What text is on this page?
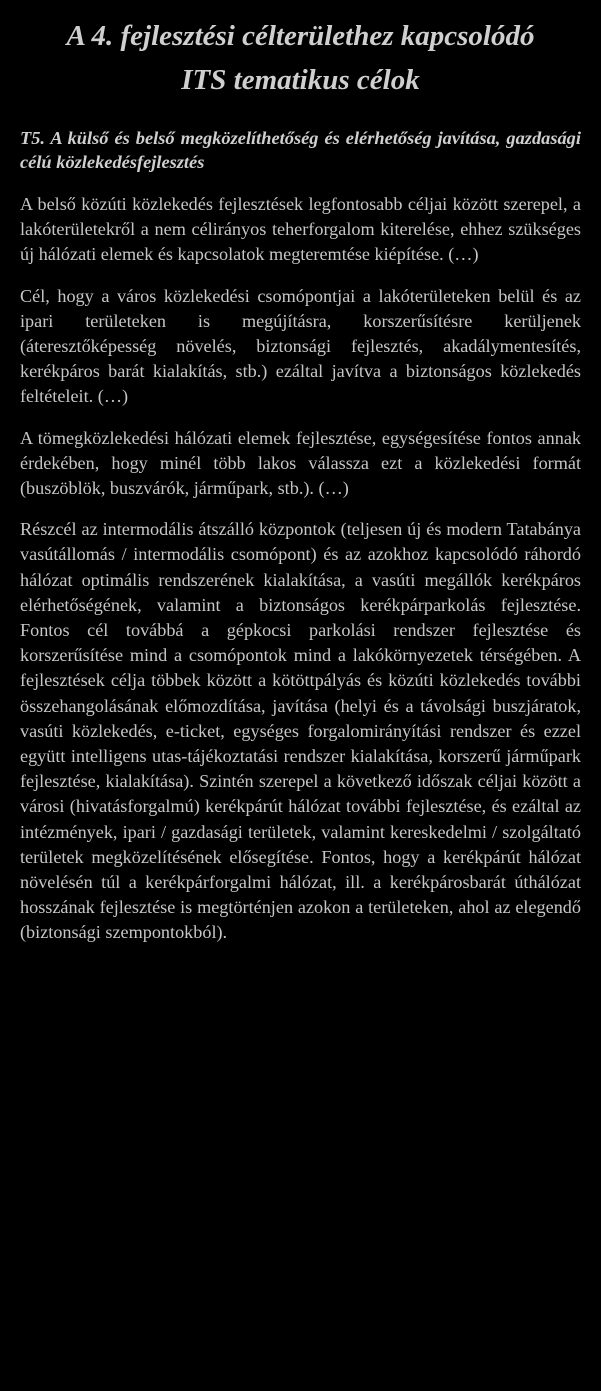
A 4. fejlesztési célterülethez kapcsolódó
ITS tematikus célok

T5. A külső és belső megközelíthetőség és elérhetőség javítása, gazdasági célú közlekedésfejlesztés

A belső közúti közlekedés fejlesztések legfontosabb céljai között szerepel, a lakóterületekről a nem célirányos teherforgalom kiterelése, ehhez szükséges új hálózati elemek és kapcsolatok megteremtése kiépítése. (…)

Cél, hogy a város közlekedési csomópontjai a lakóterületeken belül és az ipari területeken is megújításra, korszerűsítésre kerüljenek (áteresztőképesség növelés, biztonsági fejlesztés, akadálymentesítés, kerékpáros barát kialakítás, stb.) ezáltal javítva a biztonságos közlekedés feltételeit. (…)

A tömegközlekedési hálózati elemek fejlesztése, egységesítése fontos annak érdekében, hogy minél több lakos válassza ezt a közlekedési formát (buszöblök, buszvárók, járműpark, stb.). (…)

Részcél az intermodális átszálló központok (teljesen új és modern Tatabánya vasútállomás / intermodális csomópont) és az azokhoz kapcsolódó ráhordó hálózat optimális rendszerének kialakítása, a vasúti megállók kerékpáros elérhetőségének, valamint a biztonságos kerékpárparkolás fejlesztése. Fontos cél továbbá a gépkocsi parkolási rendszer fejlesztése és korszerűsítése mind a csomópontok mind a lakókörnyezetek térségében. A fejlesztések célja többek között a kötöttpályás és közúti közlekedés további összehangolásának előmozdítása, javítása (helyi és a távolsági buszjáratok, vasúti közlekedés, e-ticket, egységes forgalomirányítási rendszer és ezzel együtt intelligens utas-tájékoztatási rendszer kialakítása, korszerű járműpark fejlesztése, kialakítása). Szintén szerepel a következő időszak céljai között a városi (hivatásforgalmú) kerékpárút hálózat további fejlesztése, és ezáltal az intézmények, ipari / gazdasági területek, valamint kereskedelmi / szolgáltató területek megközelítésének elősegítése. Fontos, hogy a kerékpárút hálózat növelésén túl a kerékpárforgalmi hálózat, ill. a kerékpárosbarát úthálózat hosszának fejlesztése is megtörténjen azokon a területeken, ahol az elegendő (biztonsági szempontokból).
